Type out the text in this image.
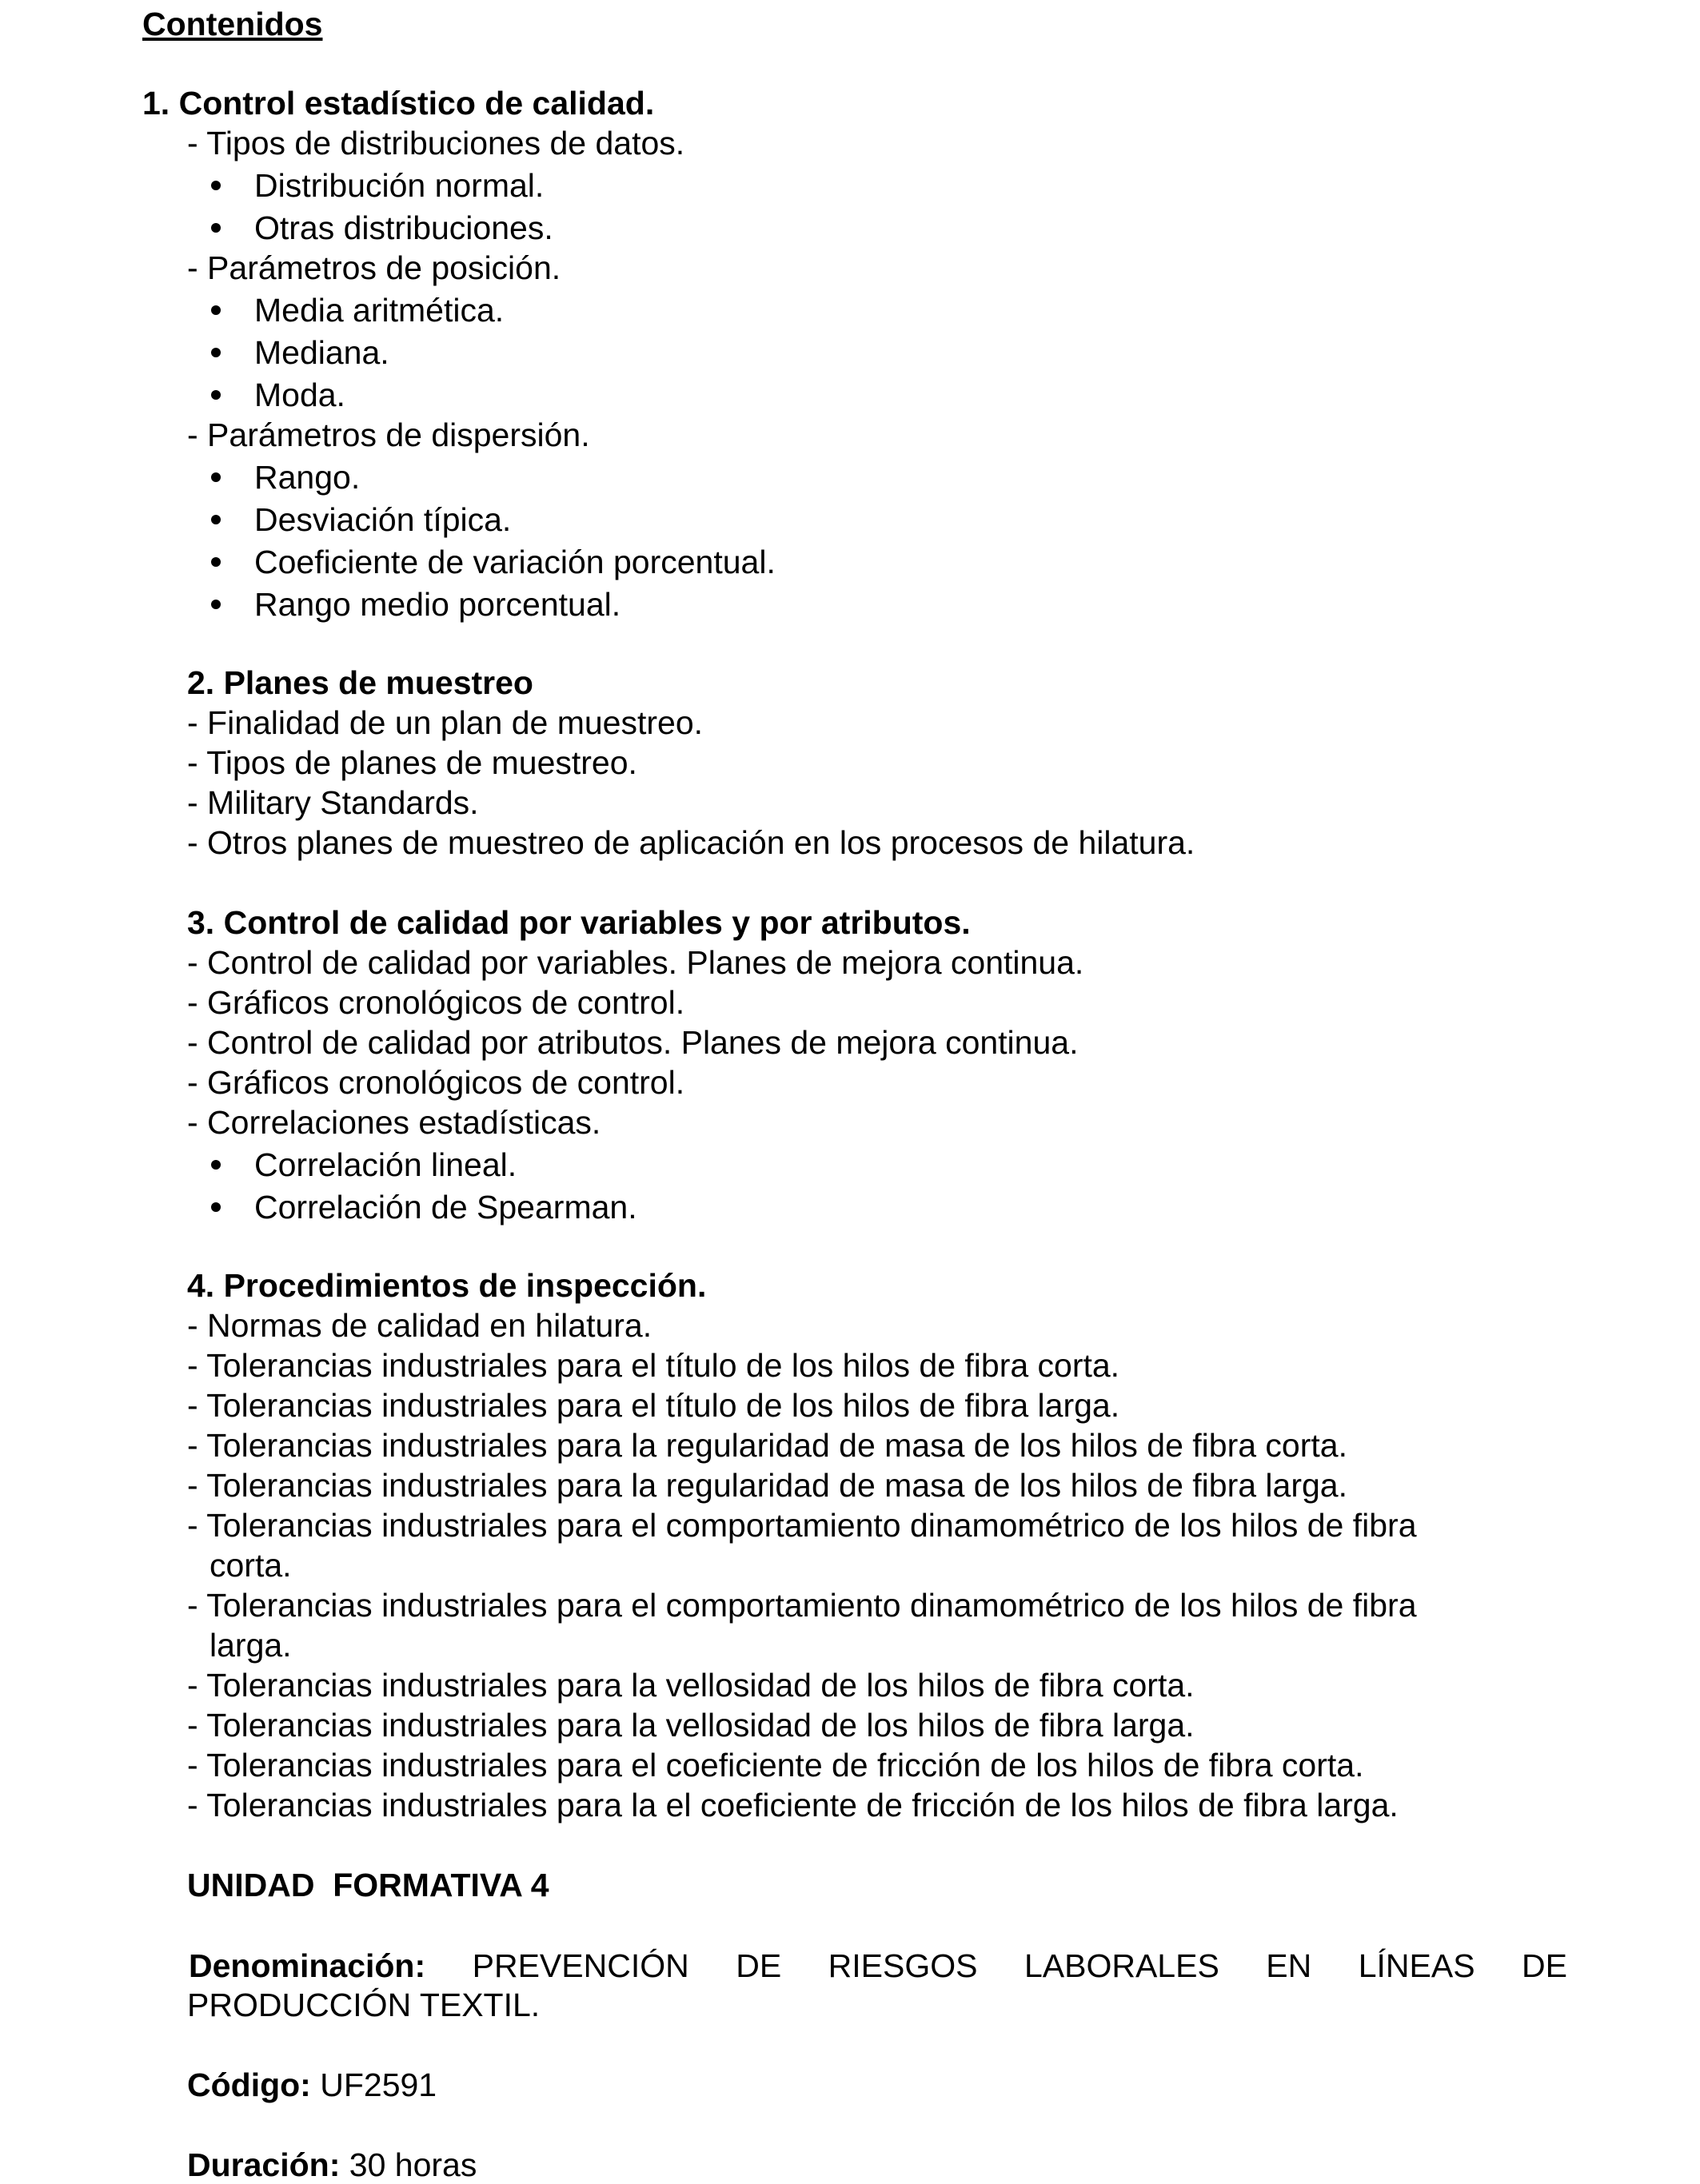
Contenidos
1. Control estadístico de calidad.
- Tipos de distribuciones de datos.
Distribución normal.
Otras distribuciones.
- Parámetros de posición.
Media aritmética.
Mediana.
Moda.
- Parámetros de dispersión.
Rango.
Desviación típica.
Coeficiente de variación porcentual.
Rango medio porcentual.
2. Planes de muestreo
- Finalidad de un plan de muestreo.
- Tipos de planes de muestreo.
- Military Standards.
- Otros planes de muestreo de aplicación en los procesos de hilatura.
3. Control de calidad por variables y por atributos.
- Control de calidad por variables. Planes de mejora continua.
- Gráficos cronológicos de control.
- Control de calidad por atributos. Planes de mejora continua.
- Gráficos cronológicos de control.
- Correlaciones estadísticas.
Correlación lineal.
Correlación de Spearman.
4. Procedimientos de inspección.
- Normas de calidad en hilatura.
- Tolerancias industriales para el título de los hilos de fibra corta.
- Tolerancias industriales para el título de los hilos de fibra larga.
- Tolerancias industriales para la regularidad de masa de los hilos de fibra corta.
- Tolerancias industriales para la regularidad de masa de los hilos de fibra larga.
- Tolerancias industriales para el comportamiento dinamométrico de los hilos de fibra
corta.
- Tolerancias industriales para el comportamiento dinamométrico de los hilos de fibra
larga.
- Tolerancias industriales para la vellosidad de los hilos de fibra corta.
- Tolerancias industriales para la vellosidad de los hilos de fibra larga.
- Tolerancias industriales para el coeficiente de fricción de los hilos de fibra corta.
- Tolerancias industriales para la el coeficiente de fricción de los hilos de fibra larga.
UNIDAD  FORMATIVA 4
Denominación: PREVENCIÓN DE RIESGOS LABORALES EN LÍNEAS DE
PRODUCCIÓN TEXTIL.
Código: UF2591
Duración: 30 horas
